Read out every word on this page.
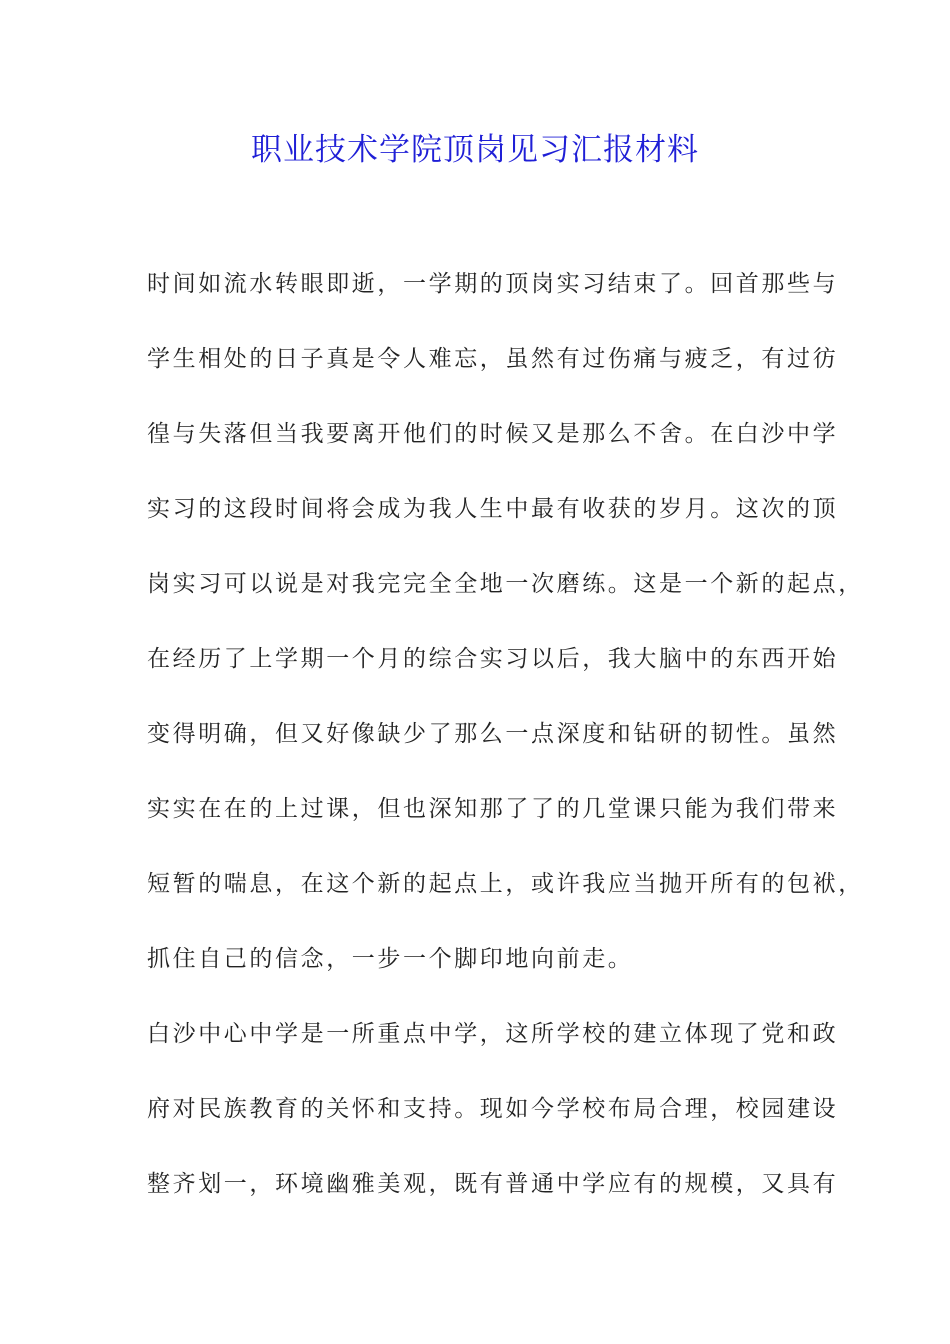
职业技术学院顶岗见习汇报材料
时间如流水转眼即逝，一学期的顶岗实习结束了。回首那些与
学生相处的日子真是令人难忘，虽然有过伤痛与疲乏，有过彷
徨与失落但当我要离开他们的时候又是那么不舍。在白沙中学
实习的这段时间将会成为我人生中最有收获的岁月。这次的顶
岗实习可以说是对我完完全全地一次磨练。这是一个新的起点，
在经历了上学期一个月的综合实习以后，我大脑中的东西开始
变得明确，但又好像缺少了那么一点深度和钻研的韧性。虽然
实实在在的上过课，但也深知那了了的几堂课只能为我们带来
短暂的喘息，在这个新的起点上，或许我应当抛开所有的包袱，
抓住自己的信念，一步一个脚印地向前走。
白沙中心中学是一所重点中学，这所学校的建立体现了党和政
府对民族教育的关怀和支持。现如今学校布局合理，校园建设
整齐划一，环境幽雅美观，既有普通中学应有的规模，又具有
